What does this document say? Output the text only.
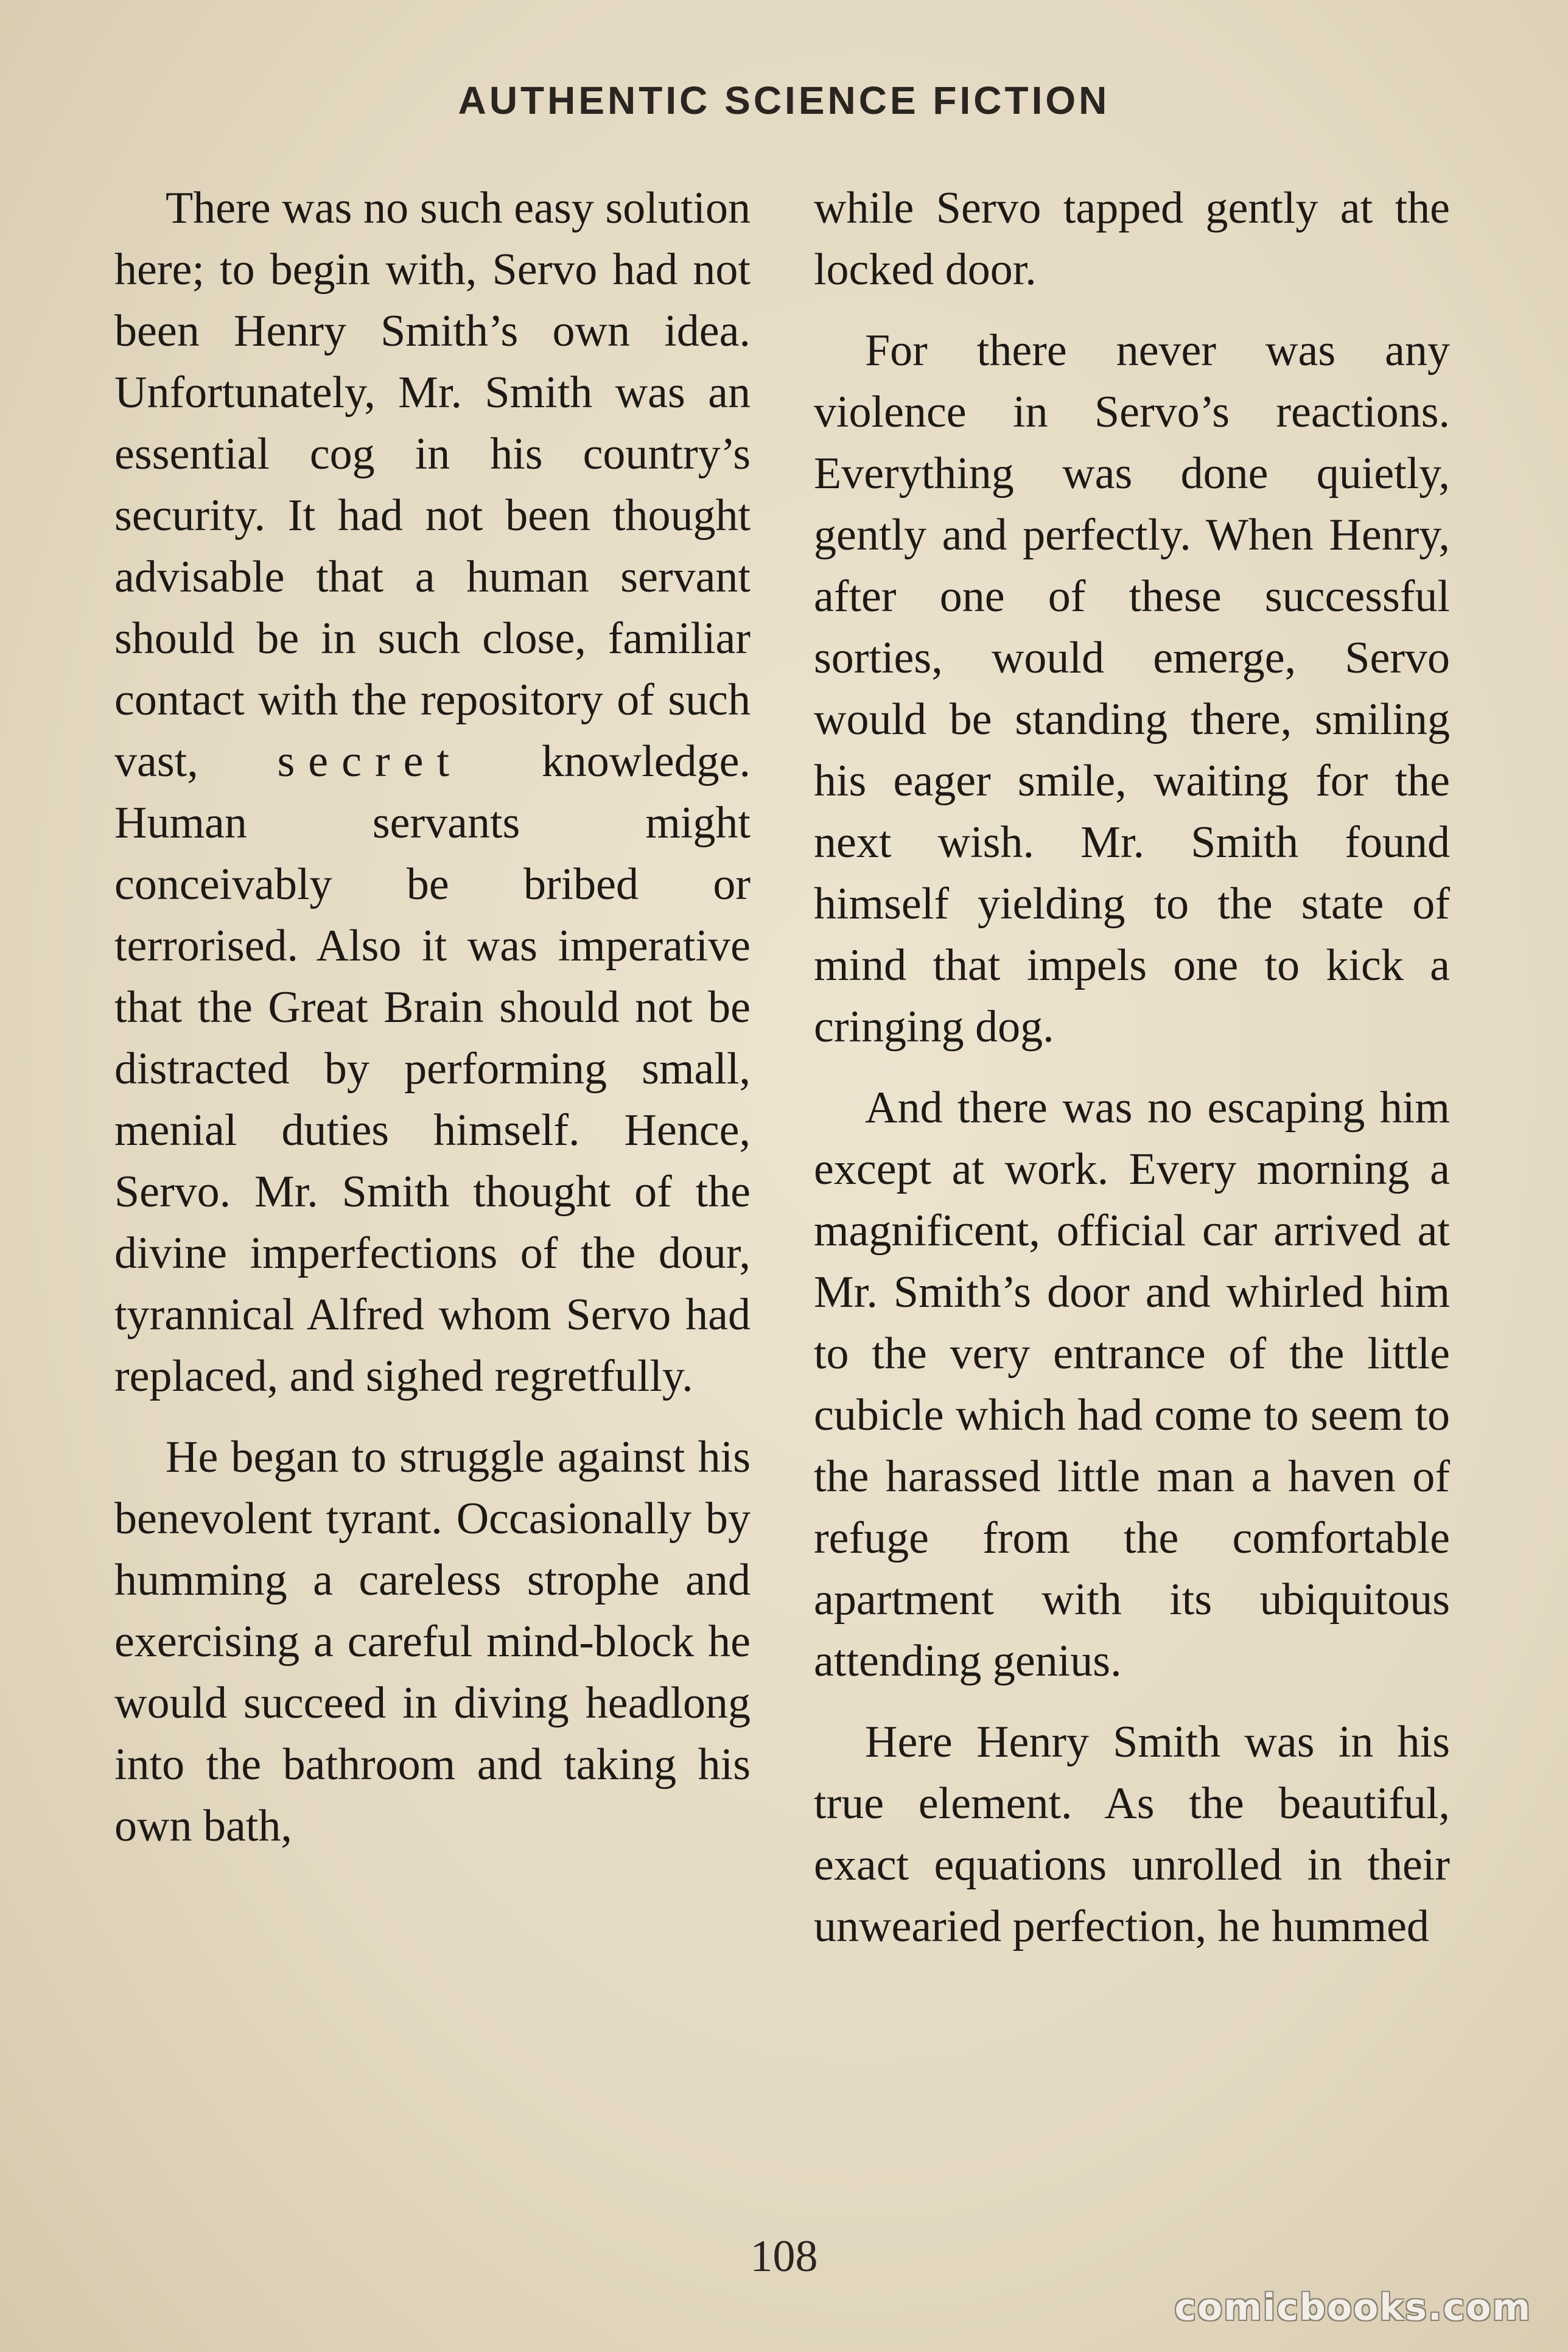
AUTHENTIC SCIENCE FICTION

There was no such easy solution here; to begin with, Servo had not been Henry Smith’s own idea. Unfortunately, Mr. Smith was an essential cog in his country’s security. It had not been thought advisable that a human servant should be in such close, familiar contact with the repository of such vast, secret knowledge. Human servants might conceivably be bribed or terrorised. Also it was imperative that the Great Brain should not be distracted by performing small, menial duties himself. Hence, Servo. Mr. Smith thought of the divine imperfections of the dour, tyrannical Alfred whom Servo had replaced, and sighed regretfully.

He began to struggle against his benevolent tyrant. Occasionally by humming a careless strophe and exercising a careful mind-block he would succeed in diving headlong into the bathroom and taking his own bath,

while Servo tapped gently at the locked door.

For there never was any violence in Servo’s reactions. Everything was done quietly, gently and perfectly. When Henry, after one of these successful sorties, would emerge, Servo would be standing there, smiling his eager smile, waiting for the next wish. Mr. Smith found himself yielding to the state of mind that impels one to kick a cringing dog.

And there was no escaping him except at work. Every morning a magnificent, official car arrived at Mr. Smith’s door and whirled him to the very entrance of the little cubicle which had come to seem to the harassed little man a haven of refuge from the comfortable apartment with its ubiquitous attending genius.

Here Henry Smith was in his true element. As the beautiful, exact equations unrolled in their unwearied perfection, he hummed

108
comicbooks.com
